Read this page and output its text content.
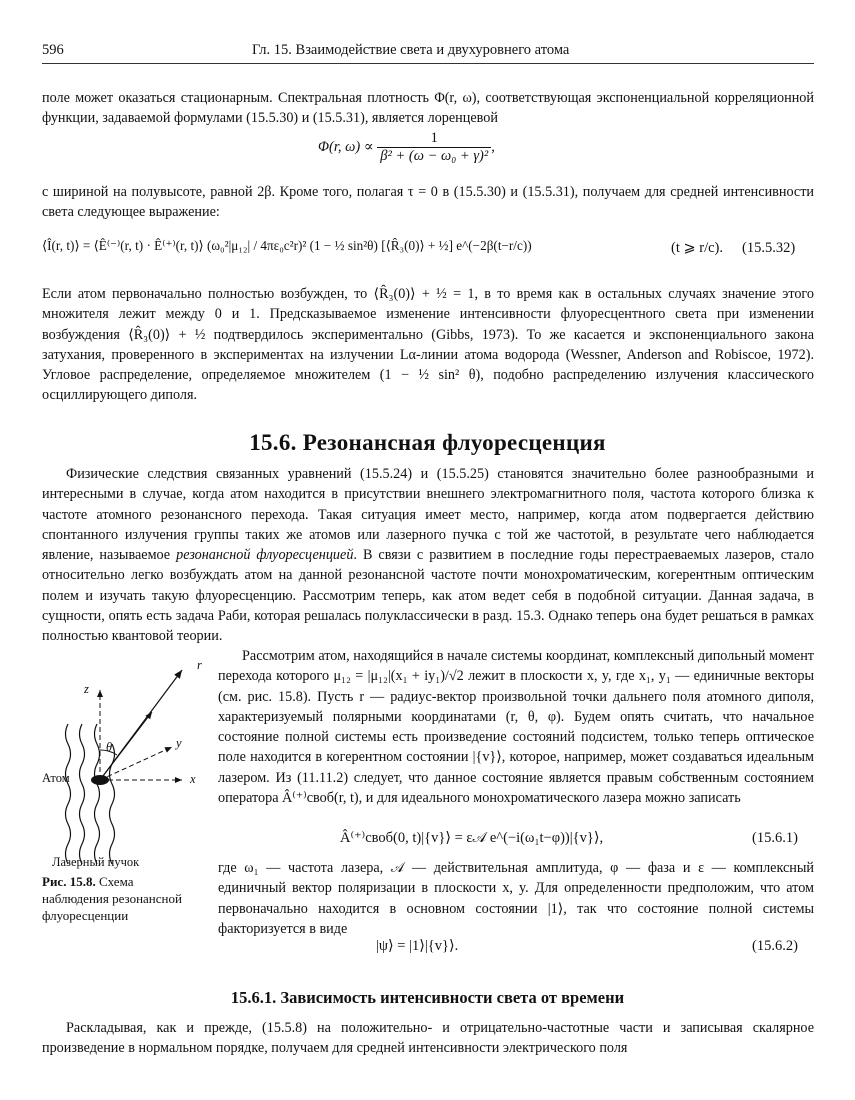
596	Гл. 15. Взаимодействие света и двухуровнего атома

поле может оказаться стационарным. Спектральная плотность Φ(r, ω), соответствующая экспоненциальной корреляционной функции, задаваемой формулами (15.5.30) и (15.5.31), является лоренцевой

Φ(r, $\omega) \propto \frac{1}{\text{β² + (ω − ω₀ + γ)²}}$ ,

с шириной на полувысоте, равной 2β. Кроме того, полагая τ = 0 в (15.5.30) и (15.5.31), получаем для средней интенсивности света следующее выражение:

⟨Î(r, t)⟩ = ⟨Ê⁽⁻⁾(r, t) · Ê⁽⁺⁾(r, t)⟩ (ω₀²|μ₁₂| / 4πε₀c²r)² (1 − ½ sin²θ) [⟨R̂₃(0)⟩ + ½] e^(−2β(t−r/c))	(t ⩾ r/c). (15.5.32)

Если атом первоначально полностью возбужден, то ⟨R̂₃(0)⟩ + ½ = 1, в то время как в остальных случаях значение этого множителя лежит между 0 и 1. Предсказываемое изменение интенсивности флуоресцентного света при изменении возбуждения ⟨R̂₃(0)⟩ + ½ подтвердилось экспериментально (Gibbs, 1973). То же касается и экспоненциального закона затухания, проверенного в экспериментах на излучении Lα-линии атома водорода (Wessner, Anderson and Robiscoe, 1972). Угловое распределение, определяемое множителем (1 − ½ sin² θ), подобно распределению излучения классического осциллирующего диполя.

15.6. Резонансная флуоресценция

Физические следствия связанных уравнений (15.5.24) и (15.5.25) становятся значительно более разнообразными и интересными в случае, когда атом находится в присутствии внешнего электромагнитного поля, частота которого близка к частоте атомного резонансного перехода. Такая ситуация имеет место, например, когда атом подвергается действию спонтанного излучения группы таких же атомов или лазерного пучка с той же частотой, в результате чего наблюдается явление, называемое резонансной флуоресценцией. В связи с развитием в последние годы перестраеваемых лазеров, стало относительно легко возбуждать атом на данной резонансной частоте почти монохроматическим, когерентным оптическим полем и изучать такую флуоресценцию. Рассмотрим теперь, как атом ведет себя в подобной ситуации. Данная задача, в сущности, опять есть задача Раби, которая решалась полуклассически в разд. 15.3. Однако теперь она будет решаться в рамках полностью квантовой теории.

r
z
y
x
θ
Атом
Лазерный пучок
Рис. 15.8. Схема наблюдения резонансной флуоресценции

Рассмотрим атом, находящийся в начале системы координат, комплексный дипольный момент перехода которого μ₁₂ = |μ₁₂|(x₁ + iy₁)/√2 лежит в плоскости x, y, где x₁, y₁ — единичные векторы (см. рис. 15.8). Пусть r — радиус-вектор произвольной точки дальнего поля атомного диполя, характеризуемый полярными координатами (r, θ, φ). Будем опять считать, что начальное состояние полной системы есть произведение состояний подсистем, только теперь оптическое поле находится в когерентном состоянии |{v}⟩, которое, например, может создаваться идеальным лазером. Из (11.11.2) следует, что данное состояние является правым собственным состоянием оператора Â⁽⁺⁾своб(r, t), и для идеального монохроматического лазера можно записать

Â⁽⁺⁾своб(0, t)|{v}⟩ = ε𝒜 e^(−i(ω₁t−φ))|{v}⟩,	(15.6.1)

где ω₁ — частота лазера, 𝒜 — действительная амплитуда, φ — фаза и ε — комплексный единичный вектор поляризации в плоскости x, y. Для определенности предположим, что атом первоначально находится в основном состоянии |1⟩, так что состояние полной системы факторизуется в виде

|ψ⟩ = |1⟩|{v}⟩.	(15.6.2)
15.6.1. Зависимость интенсивности света от времени

Раскладывая, как и прежде, (15.5.8) на положительно- и отрицательно-частотные части и записывая скалярное произведение в нормальном порядке, получаем для средней интенсивности электрического поля
